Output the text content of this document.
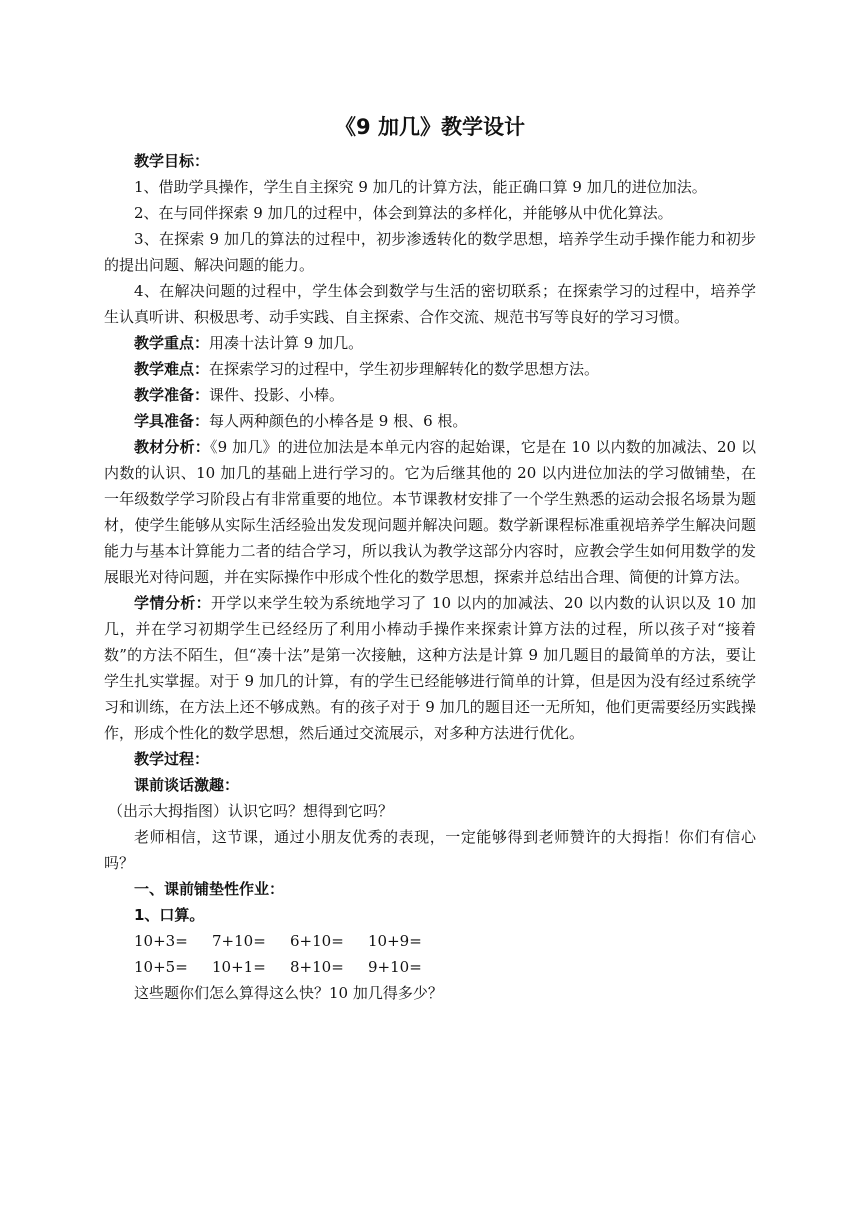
《9 加几》教学设计

教学目标：

1、借助学具操作，学生自主探究 9 加几的计算方法，能正确口算 9 加几的进位加法。

2、在与同伴探索 9 加几的过程中，体会到算法的多样化，并能够从中优化算法。

3、在探索 9 加几的算法的过程中，初步渗透转化的数学思想，培养学生动手操作能力和初步的提出问题、解决问题的能力。

4、在解决问题的过程中，学生体会到数学与生活的密切联系；在探索学习的过程中，培养学生认真听讲、积极思考、动手实践、自主探索、合作交流、规范书写等良好的学习习惯。

教学重点：用凑十法计算 9 加几。

教学难点：在探索学习的过程中，学生初步理解转化的数学思想方法。

教学准备：课件、投影、小棒。

学具准备：每人两种颜色的小棒各是 9 根、6 根。

教材分析：《9 加几》的进位加法是本单元内容的起始课，它是在 10 以内数的加减法、20 以内数的认识、10 加几的基础上进行学习的。它为后继其他的 20 以内进位加法的学习做铺垫，在一年级数学学习阶段占有非常重要的地位。本节课教材安排了一个学生熟悉的运动会报名场景为题材，使学生能够从实际生活经验出发发现问题并解决问题。数学新课程标准重视培养学生解决问题能力与基本计算能力二者的结合学习，所以我认为教学这部分内容时，应教会学生如何用数学的发展眼光对待问题，并在实际操作中形成个性化的数学思想，探索并总结出合理、简便的计算方法。

学情分析：开学以来学生较为系统地学习了 10 以内的加减法、20 以内数的认识以及 10 加几，并在学习初期学生已经经历了利用小棒动手操作来探索计算方法的过程，所以孩子对“接着数”的方法不陌生，但“凑十法”是第一次接触，这种方法是计算 9 加几题目的最简单的方法，要让学生扎实掌握。对于 9 加几的计算，有的学生已经能够进行简单的计算，但是因为没有经过系统学习和训练，在方法上还不够成熟。有的孩子对于 9 加几的题目还一无所知，他们更需要经历实践操作，形成个性化的数学思想，然后通过交流展示，对多种方法进行优化。

教学过程：

课前谈话激趣：

（出示大拇指图）认识它吗？想得到它吗？

老师相信，这节课，通过小朋友优秀的表现，一定能够得到老师赞许的大拇指！你们有信心吗？

一、课前铺垫性作业：

1、口算。

10+3=	7+10=	6+10=	10+9=
10+5=	10+1=	8+10=	9+10=

这些题你们怎么算得这么快？10 加几得多少？
